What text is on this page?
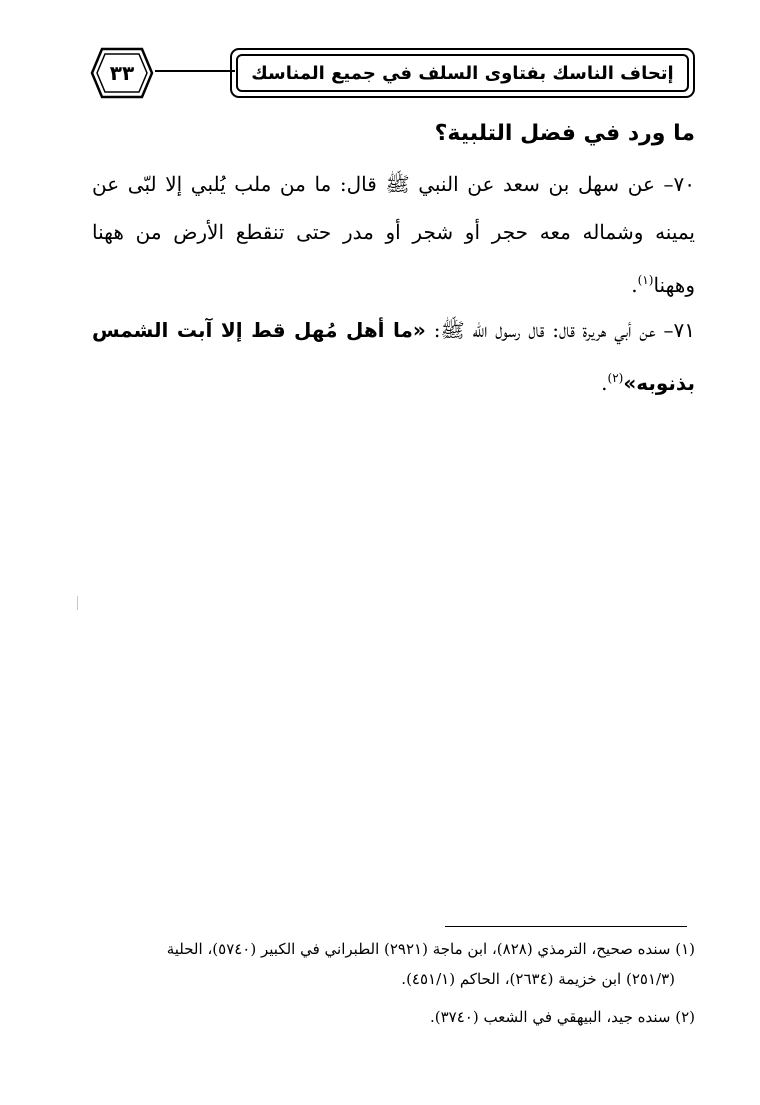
٣٣	إتحاف الناسك بفتاوى السلف في جميع المناسك
ما ورد في فضل التلبية؟
٧٠– عن سهل بن سعد عن النبي ﷺ قال: ما من ملب يُلبي إلا لبّى عن يمينه وشماله معه حجر أو شجر أو مدر حتى تنقطع الأرض من ههنا وههنا$^{(١)}$.
٧١– عن أبي هريرة قال: قال رسول الله ﷺ: «ما أهل مُهل قط إلا آبت الشمس بذنوبه»$^{(٢)}$.
(١) سنده صحيح، الترمذي (٨٢٨)، ابن ماجة (٢٩٢١) الطبراني في الكبير (٥٧٤٠)، الحلية
(٢٥١/٣) ابن خزيمة (٢٦٣٤)، الحاكم (٤٥١/١).
(٢) سنده جيد، البيهقي في الشعب (٣٧٤٠).
